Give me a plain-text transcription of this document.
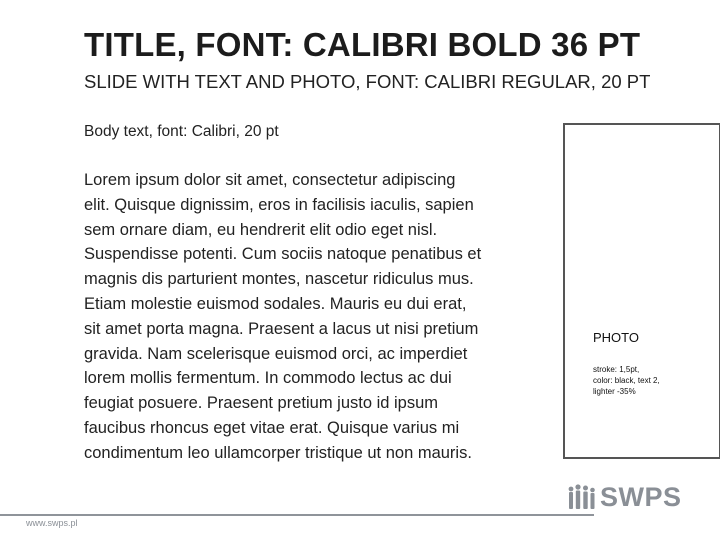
TITLE, FONT: CALIBRI BOLD 36 PT
SLIDE WITH TEXT AND PHOTO, FONT: CALIBRI REGULAR, 20 PT
Body text, font: Calibri, 20 pt
Lorem ipsum dolor sit amet, consectetur adipiscing
elit. Quisque dignissim, eros in facilisis iaculis, sapien
sem ornare diam, eu hendrerit elit odio eget nisl.
Suspendisse potenti. Cum sociis natoque penatibus et
magnis dis parturient montes, nascetur ridiculus mus.
Etiam molestie euismod sodales. Mauris eu dui erat,
sit amet porta magna. Praesent a lacus ut nisi pretium
gravida. Nam scelerisque euismod orci, ac imperdiet
lorem mollis fermentum. In commodo lectus ac dui
feugiat posuere. Praesent pretium justo id ipsum
faucibus rhoncus eget vitae erat. Quisque varius mi
condimentum leo ullamcorper tristique ut non mauris.
PHOTO
stroke: 1,5pt,
color: black, text 2,
lighter -35%
SWPS
www.swps.pl
